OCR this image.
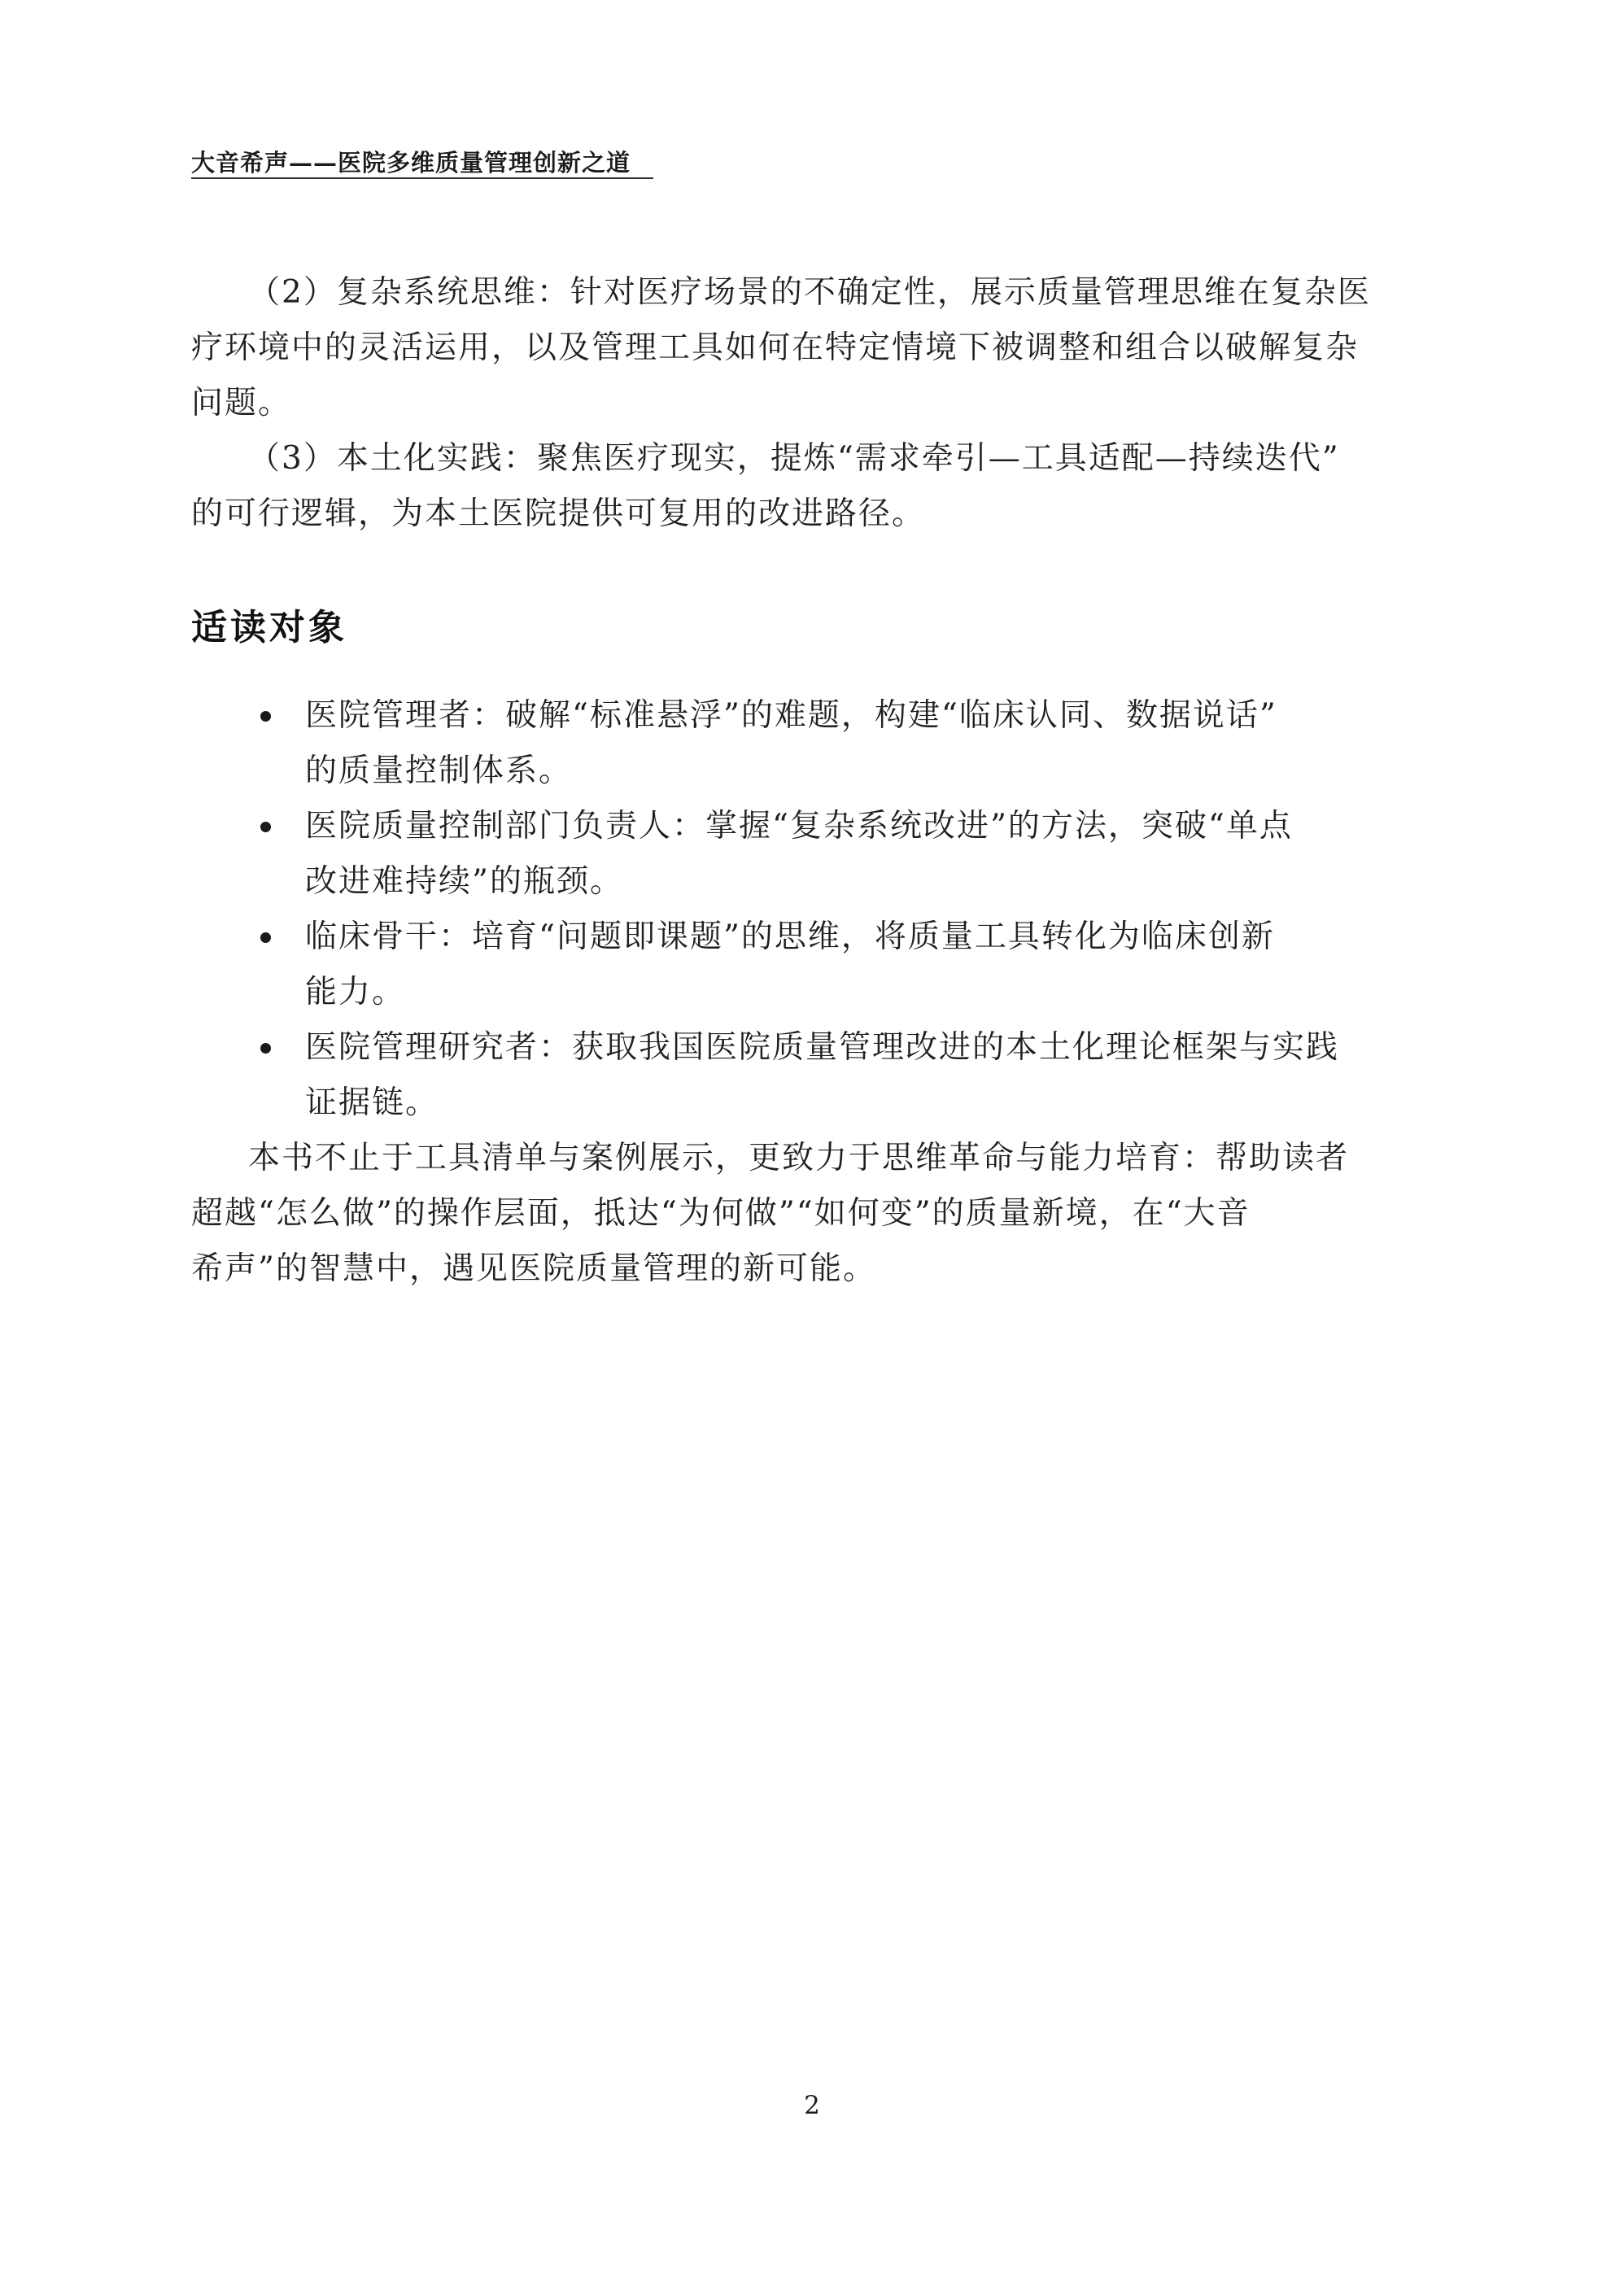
大音希声——医院多维质量管理创新之道
（2）复杂系统思维：针对医疗场景的不确定性，展示质量管理思维在复杂医
疗环境中的灵活运用，以及管理工具如何在特定情境下被调整和组合以破解复杂
问题。
（3）本土化实践：聚焦医疗现实，提炼“需求牵引—工具适配—持续迭代”
的可行逻辑，为本土医院提供可复用的改进路径。
适读对象
医院管理者：破解“标准悬浮”的难题，构建“临床认同、数据说话”
的质量控制体系。
医院质量控制部门负责人：掌握“复杂系统改进”的方法，突破“单点
改进难持续”的瓶颈。
临床骨干：培育“问题即课题”的思维，将质量工具转化为临床创新
能力。
医院管理研究者：获取我国医院质量管理改进的本土化理论框架与实践
证据链。
本书不止于工具清单与案例展示，更致力于思维革命与能力培育：帮助读者
超越“怎么做”的操作层面，抵达“为何做”“如何变”的质量新境，在“大音
希声”的智慧中，遇见医院质量管理的新可能。
2
